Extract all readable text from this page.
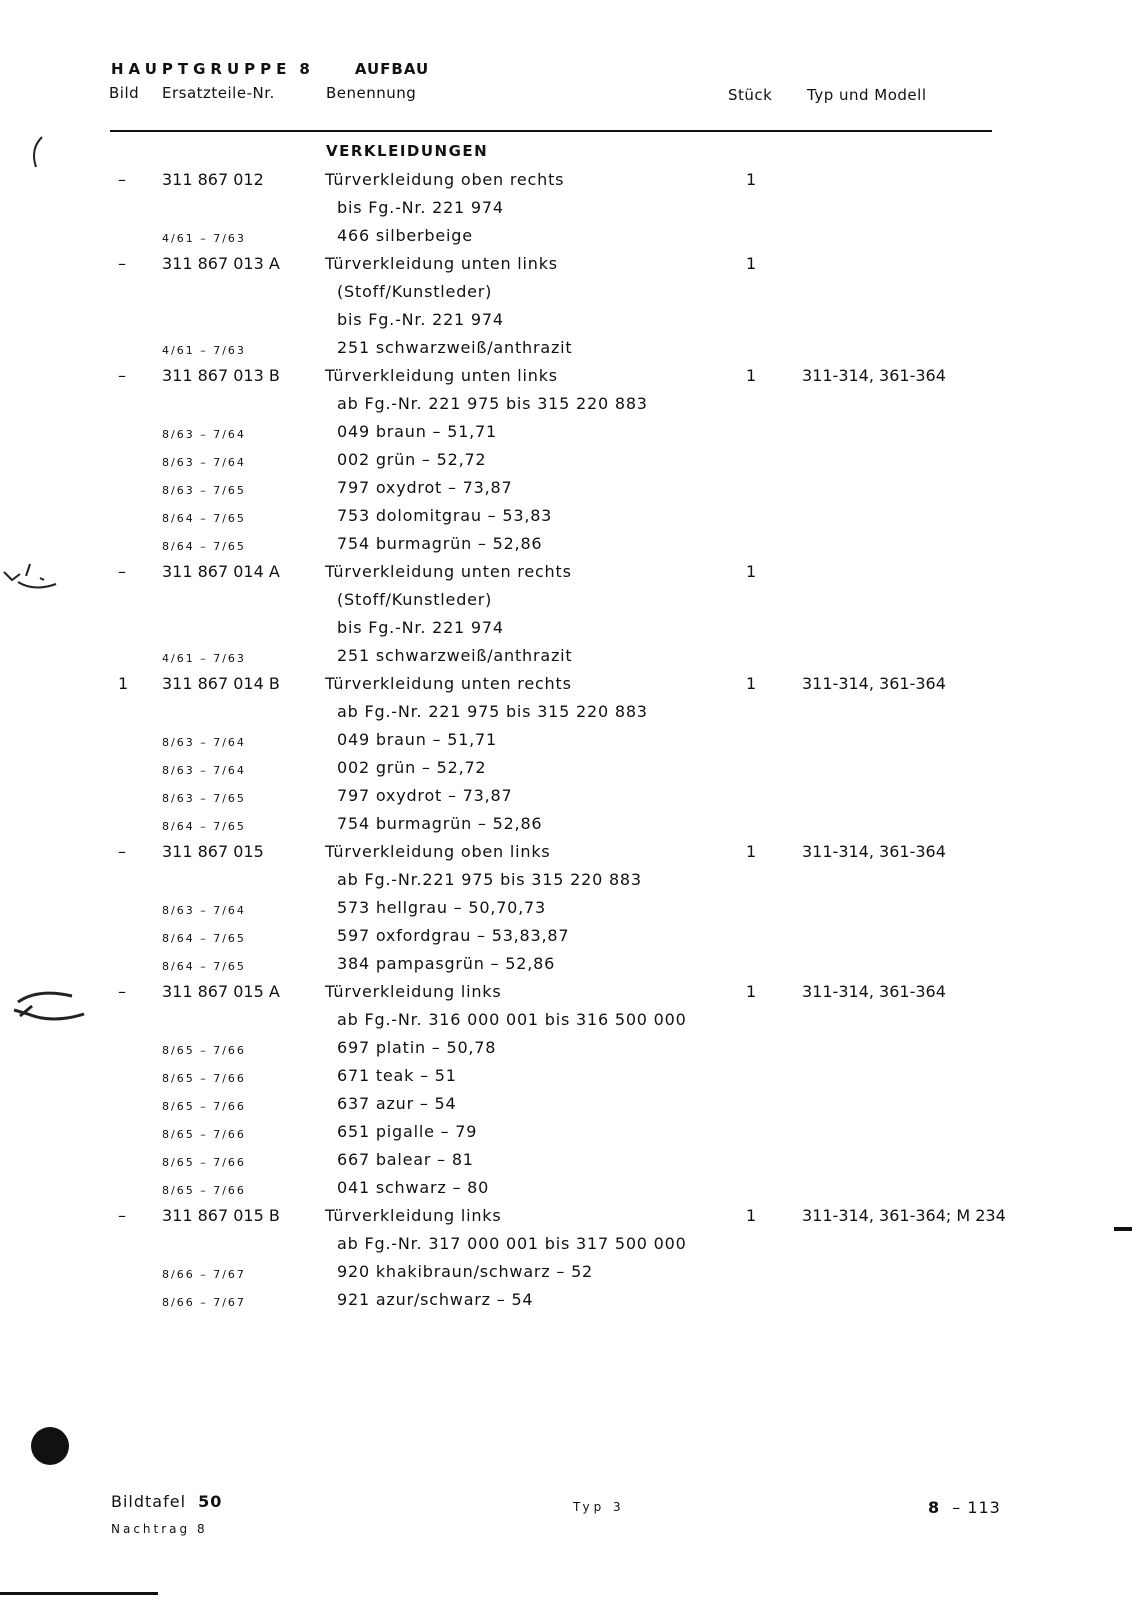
HAUPTGRUPPE 8	AUFBAU
Bild Ersatzteile-Nr.	Benennung	Stück Typ und Modell
VERKLEIDUNGEN
– 311 867 012	Türverkleidung oben rechts	1
bis Fg.-Nr. 221 974
4/61 – 7/63	466 silberbeige
– 311 867 013 A	Türverkleidung unten links	1
(Stoff/Kunstleder)
bis Fg.-Nr. 221 974
4/61 – 7/63	251 schwarzweiß/anthrazit
– 311 867 013 B	Türverkleidung unten links	1	311-314, 361-364
ab Fg.-Nr. 221 975 bis 315 220 883
8/63 – 7/64	049 braun – 51,71
8/63 – 7/64	002 grün – 52,72
8/63 – 7/65	797 oxydrot – 73,87
8/64 – 7/65	753 dolomitgrau – 53,83
8/64 – 7/65	754 burmagrün – 52,86
– 311 867 014 A	Türverkleidung unten rechts	1
(Stoff/Kunstleder)
bis Fg.-Nr. 221 974
4/61 – 7/63	251 schwarzweiß/anthrazit
1 311 867 014 B	Türverkleidung unten rechts	1	311-314, 361-364
ab Fg.-Nr. 221 975 bis 315 220 883
8/63 – 7/64	049 braun – 51,71
8/63 – 7/64	002 grün – 52,72
8/63 – 7/65	797 oxydrot – 73,87
8/64 – 7/65	754 burmagrün – 52,86
– 311 867 015	Türverkleidung oben links	1	311-314, 361-364
ab Fg.-Nr.221 975 bis 315 220 883
8/63 – 7/64	573 hellgrau – 50,70,73
8/64 – 7/65	597 oxfordgrau – 53,83,87
8/64 – 7/65	384 pampasgrün – 52,86
– 311 867 015 A	Türverkleidung links	1	311-314, 361-364
ab Fg.-Nr. 316 000 001 bis 316 500 000
8/65 – 7/66	697 platin – 50,78
8/65 – 7/66	671 teak – 51
8/65 – 7/66	637 azur – 54
8/65 – 7/66	651 pigalle – 79
8/65 – 7/66	667 balear – 81
8/65 – 7/66	041 schwarz – 80
– 311 867 015 B	Türverkleidung links	1	311-314, 361-364; M 234
ab Fg.-Nr. 317 000 001 bis 317 500 000
8/66 – 7/67	920 khakibraun/schwarz – 52
8/66 – 7/67	921 azur/schwarz – 54
Bildtafel 50
Nachtrag 8
Typ 3	8 – 113
